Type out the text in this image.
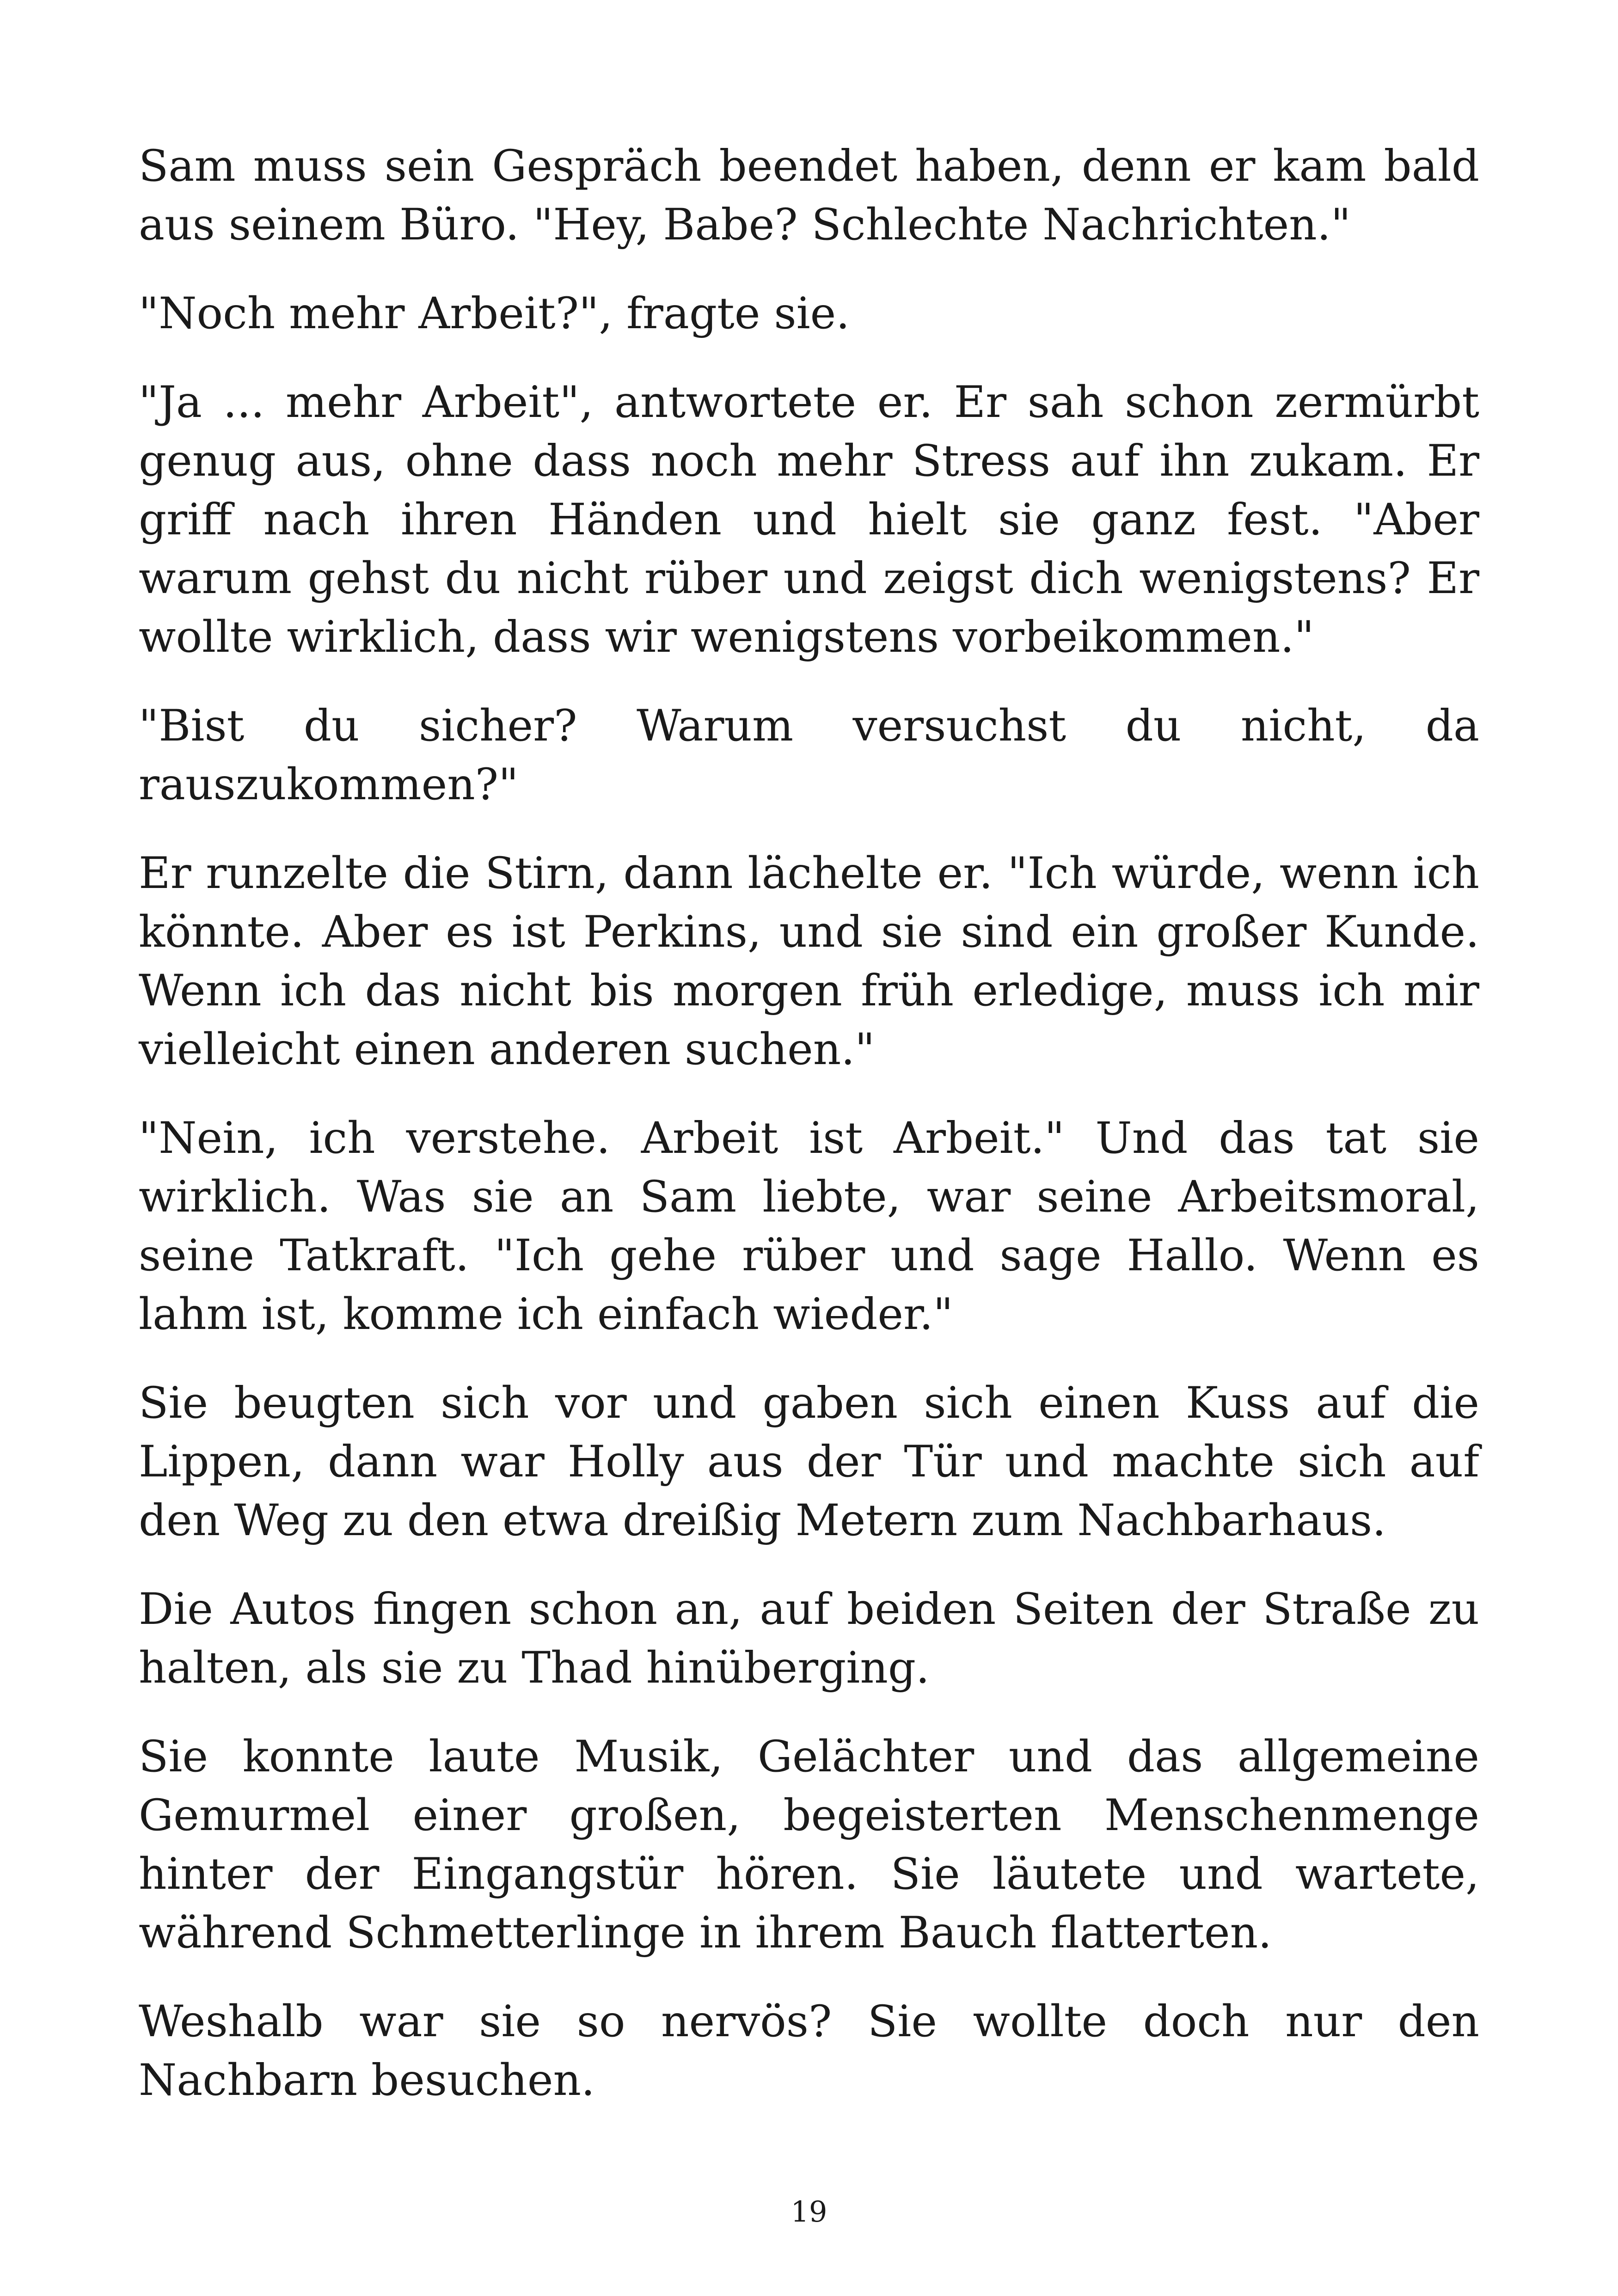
Sam muss sein Gespräch beendet haben, denn er kam bald aus seinem Büro. "Hey, Babe? Schlechte Nachrichten."

"Noch mehr Arbeit?", fragte sie.

"Ja ... mehr Arbeit", antwortete er. Er sah schon zermürbt genug aus, ohne dass noch mehr Stress auf ihn zukam. Er griff nach ihren Händen und hielt sie ganz fest. "Aber warum gehst du nicht rüber und zeigst dich wenigstens? Er wollte wirklich, dass wir wenigstens vorbeikommen."

"Bist du sicher? Warum versuchst du nicht, da rauszukommen?"

Er runzelte die Stirn, dann lächelte er. "Ich würde, wenn ich könnte. Aber es ist Perkins, und sie sind ein großer Kunde. Wenn ich das nicht bis morgen früh erledige, muss ich mir vielleicht einen anderen suchen."

"Nein, ich verstehe. Arbeit ist Arbeit." Und das tat sie wirklich. Was sie an Sam liebte, war seine Arbeitsmoral, seine Tatkraft. "Ich gehe rüber und sage Hallo. Wenn es lahm ist, komme ich einfach wieder."

Sie beugten sich vor und gaben sich einen Kuss auf die Lippen, dann war Holly aus der Tür und machte sich auf den Weg zu den etwa dreißig Metern zum Nachbarhaus.

Die Autos fingen schon an, auf beiden Seiten der Straße zu halten, als sie zu Thad hinüberging.

Sie konnte laute Musik, Gelächter und das allgemeine Gemurmel einer großen, begeisterten Menschenmenge hinter der Eingangstür hören. Sie läutete und wartete, während Schmetterlinge in ihrem Bauch flatterten.

Weshalb war sie so nervös? Sie wollte doch nur den Nachbarn besuchen.

19
